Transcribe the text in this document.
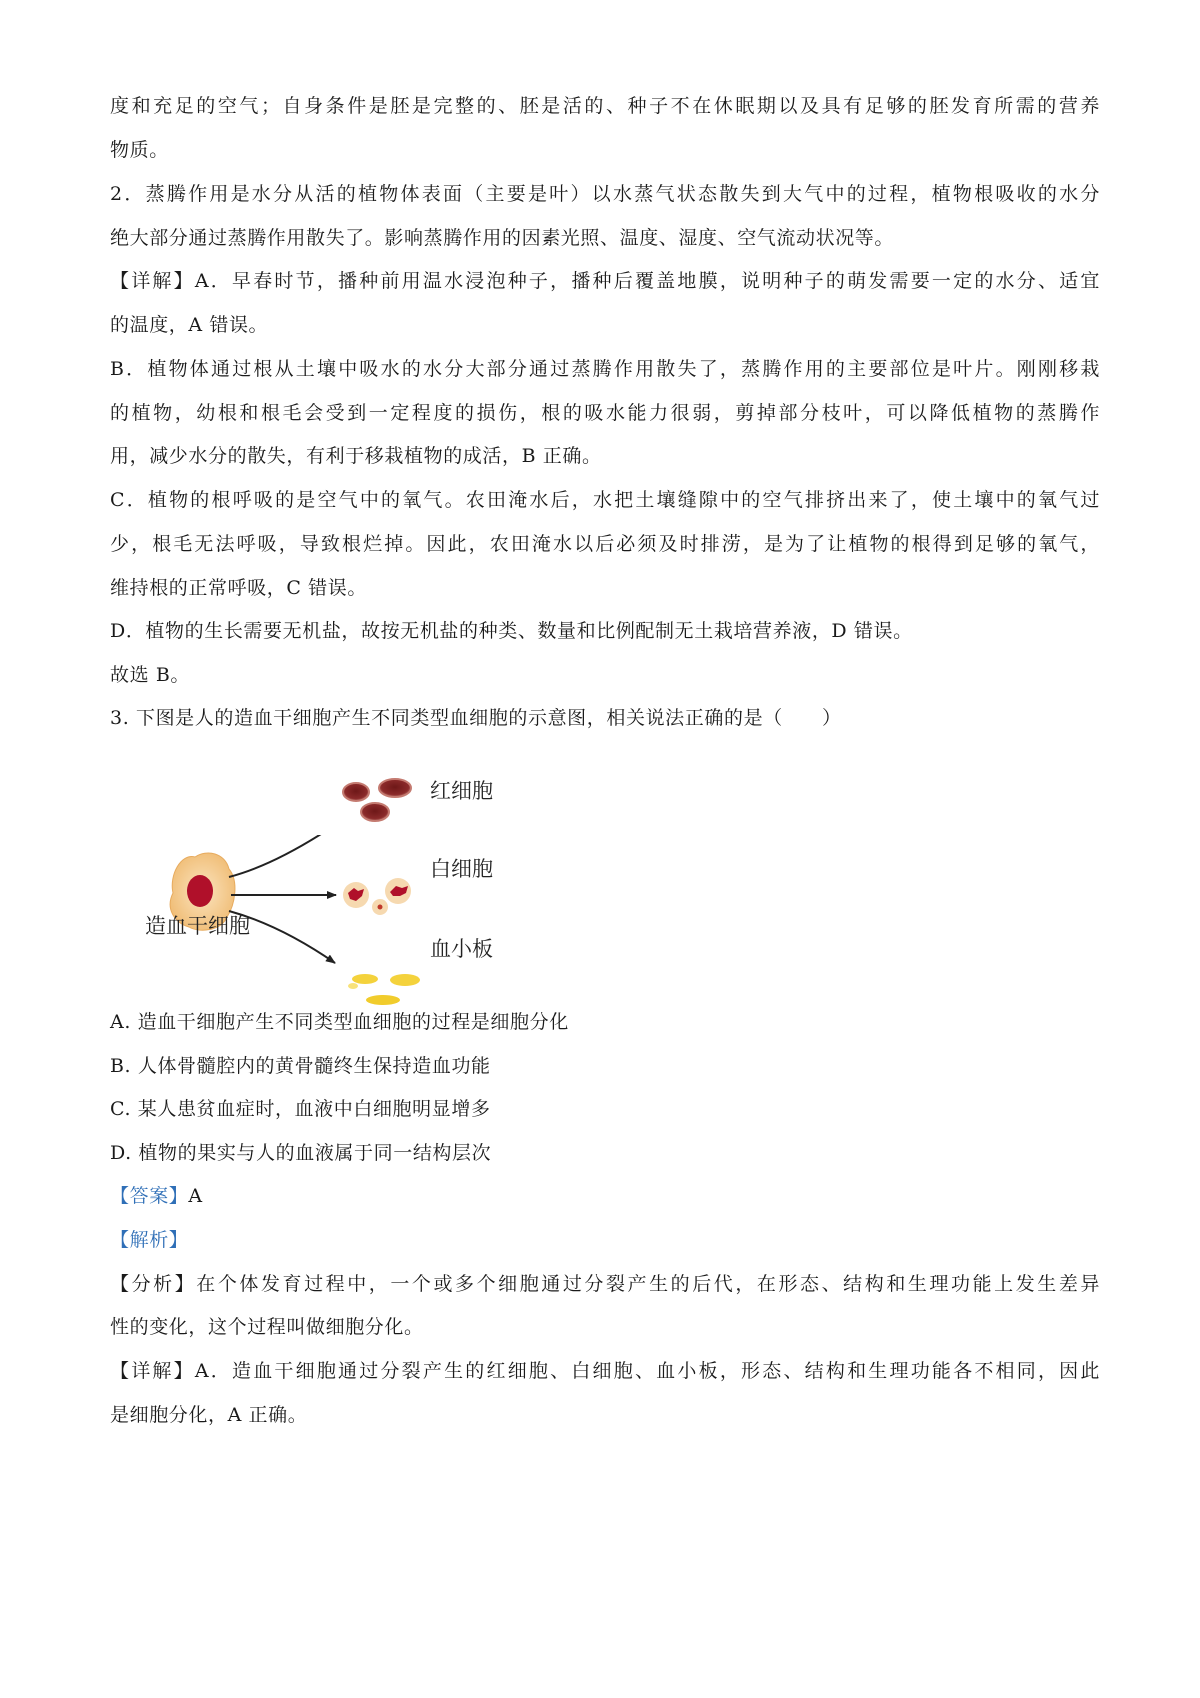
度和充足的空气；自身条件是胚是完整的、胚是活的、种子不在休眠期以及具有足够的胚发育所需的营养
物质。
2．蒸腾作用是水分从活的植物体表面（主要是叶）以水蒸气状态散失到大气中的过程，植物根吸收的水分
绝大部分通过蒸腾作用散失了。影响蒸腾作用的因素光照、温度、湿度、空气流动状况等。
【详解】A．早春时节，播种前用温水浸泡种子，播种后覆盖地膜，说明种子的萌发需要一定的水分、适宜
的温度，A 错误。
B．植物体通过根从土壤中吸水的水分大部分通过蒸腾作用散失了，蒸腾作用的主要部位是叶片。刚刚移栽
的植物，幼根和根毛会受到一定程度的损伤，根的吸水能力很弱，剪掉部分枝叶，可以降低植物的蒸腾作
用，减少水分的散失，有利于移栽植物的成活，B 正确。
C．植物的根呼吸的是空气中的氧气。农田淹水后，水把土壤缝隙中的空气排挤出来了，使土壤中的氧气过
少，根毛无法呼吸，导致根烂掉。因此，农田淹水以后必须及时排涝，是为了让植物的根得到足够的氧气，
维持根的正常呼吸，C 错误。
D．植物的生长需要无机盐，故按无机盐的种类、数量和比例配制无土栽培营养液，D 错误。
故选 B。
3. 下图是人的造血干细胞产生不同类型血细胞的示意图，相关说法正确的是（　　）
红细胞
白细胞
血小板
造血干细胞
A. 造血干细胞产生不同类型血细胞的过程是细胞分化
B. 人体骨髓腔内的黄骨髓终生保持造血功能
C. 某人患贫血症时，血液中白细胞明显增多
D. 植物的果实与人的血液属于同一结构层次
【答案】A
【解析】
【分析】在个体发育过程中，一个或多个细胞通过分裂产生的后代，在形态、结构和生理功能上发生差异
性的变化，这个过程叫做细胞分化。
【详解】A．造血干细胞通过分裂产生的红细胞、白细胞、血小板，形态、结构和生理功能各不相同，因此
是细胞分化，A 正确。
